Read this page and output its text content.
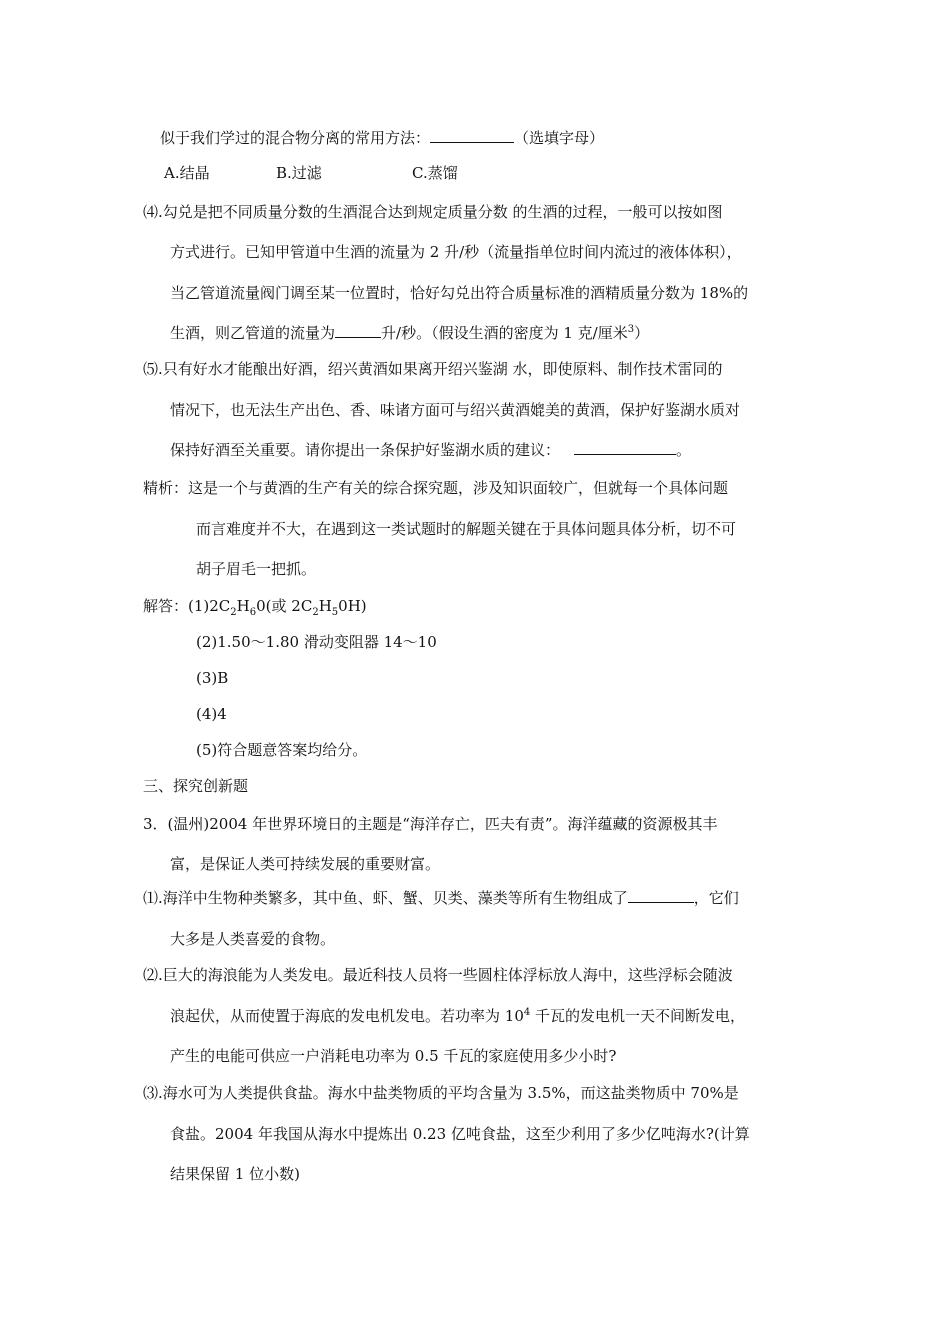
似于我们学过的混合物分离的常用方法：	（选填字母）
A.结晶	B.过滤	C.蒸馏
⑷.勾兑是把不同质量分数的生酒混合达到规定质量分数 的生酒的过程，一般可以按如图
方式进行。已知甲管道中生酒的流量为 2 升/秒（流量指单位时间内流过的液体体积），
当乙管道流量阀门调至某一位置时，恰好勾兑出符合质量标准的酒精质量分数为 18%的
生酒，则乙管道的流量为	升/秒。（假设生酒的密度为 1 克/厘米$^3$）
⑸.只有好水才能酿出好酒，绍兴黄酒如果离开绍兴鉴湖 水，即使原料、制作技术雷同的
情况下，也无法生产出色、香、味诸方面可与绍兴黄酒媲美的黄酒，保护好鉴湖水质对
保持好酒至关重要。请你提出一条保护好鉴湖水质的建议：	。
精析：这是一个与黄酒的生产有关的综合探究题，涉及知识面较广，但就每一个具体问题
而言难度并不大，在遇到这一类试题时的解题关键在于具体问题具体分析，切不可
胡子眉毛一把抓。
解答：$(1)2C_2H_60$(或 $2C_2H_50H$)
(2)1.50～1.80 滑动变阻器 14～10
(3)B
(4)4
(5)符合题意答案均给分。
三、探究创新题
3．(温州)2004 年世界环境日的主题是“海洋存亡，匹夫有责”。海洋蕴藏的资源极其丰
富，是保证人类可持续发展的重要财富。
⑴.海洋中生物种类繁多，其中鱼、虾、蟹、贝类、藻类等所有生物组成了	，它们
大多是人类喜爱的食物。
⑵.巨大的海浪能为人类发电。最近科技人员将一些圆柱体浮标放人海中，这些浮标会随波
浪起伏，从而使置于海底的发电机发电。若功率为 $10^4$ 千瓦的发电机一天不间断发电，
产生的电能可供应一户消耗电功率为 0.5 千瓦的家庭使用多少小时?
⑶.海水可为人类提供食盐。海水中盐类物质的平均含量为 3.5%，而这盐类物质中 70%是
食盐。2004 年我国从海水中提炼出 0.23 亿吨食盐，这至少利用了多少亿吨海水?(计算
结果保留 1 位小数)
